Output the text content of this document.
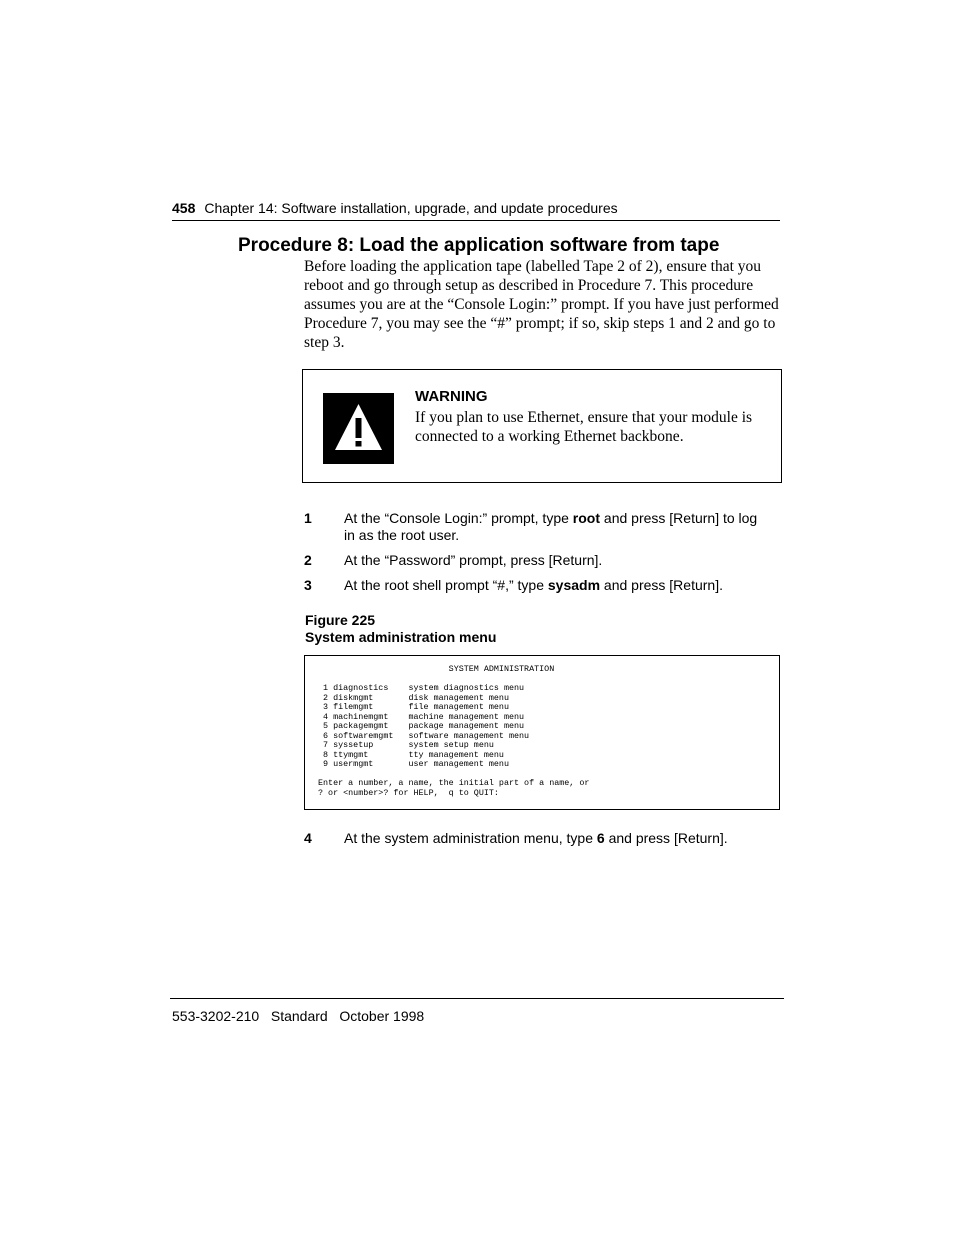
458 Chapter 14: Software installation, upgrade, and update procedures
Procedure 8: Load the application software from tape

Before loading the application tape (labelled Tape 2 of 2), ensure that you reboot and go through setup as described in Procedure 7. This procedure assumes you are at the “Console Login:” prompt. If you have just performed Procedure 7, you may see the “#” prompt; if so, skip steps 1 and 2 and go to step 3.

WARNING

If you plan to use Ethernet, ensure that your module is connected to a working Ethernet backbone.

1 At the “Console Login:” prompt, type root and press [Return] to log in as the root user.
2 At the “Password” prompt, press [Return].
3 At the root shell prompt “#,” type sysadm and press [Return].
Figure 225
System administration menu
SYSTEM ADMINISTRATION

1 diagnostics    system diagnostics menu
2 diskmgmt       disk management menu
3 filemgmt       file management menu
4 machinemgmt    machine management menu
5 packagemgmt    package management menu
6 softwaremgmt   software management menu
7 syssetup       system setup menu
8 ttymgmt        tty management menu
9 usermgmt       user management menu

Enter a number, a name, the initial part of a name, or
? or <number>? for HELP,  q to QUIT:
4 At the system administration menu, type 6 and press [Return].
553-3202-210 Standard October 1998
